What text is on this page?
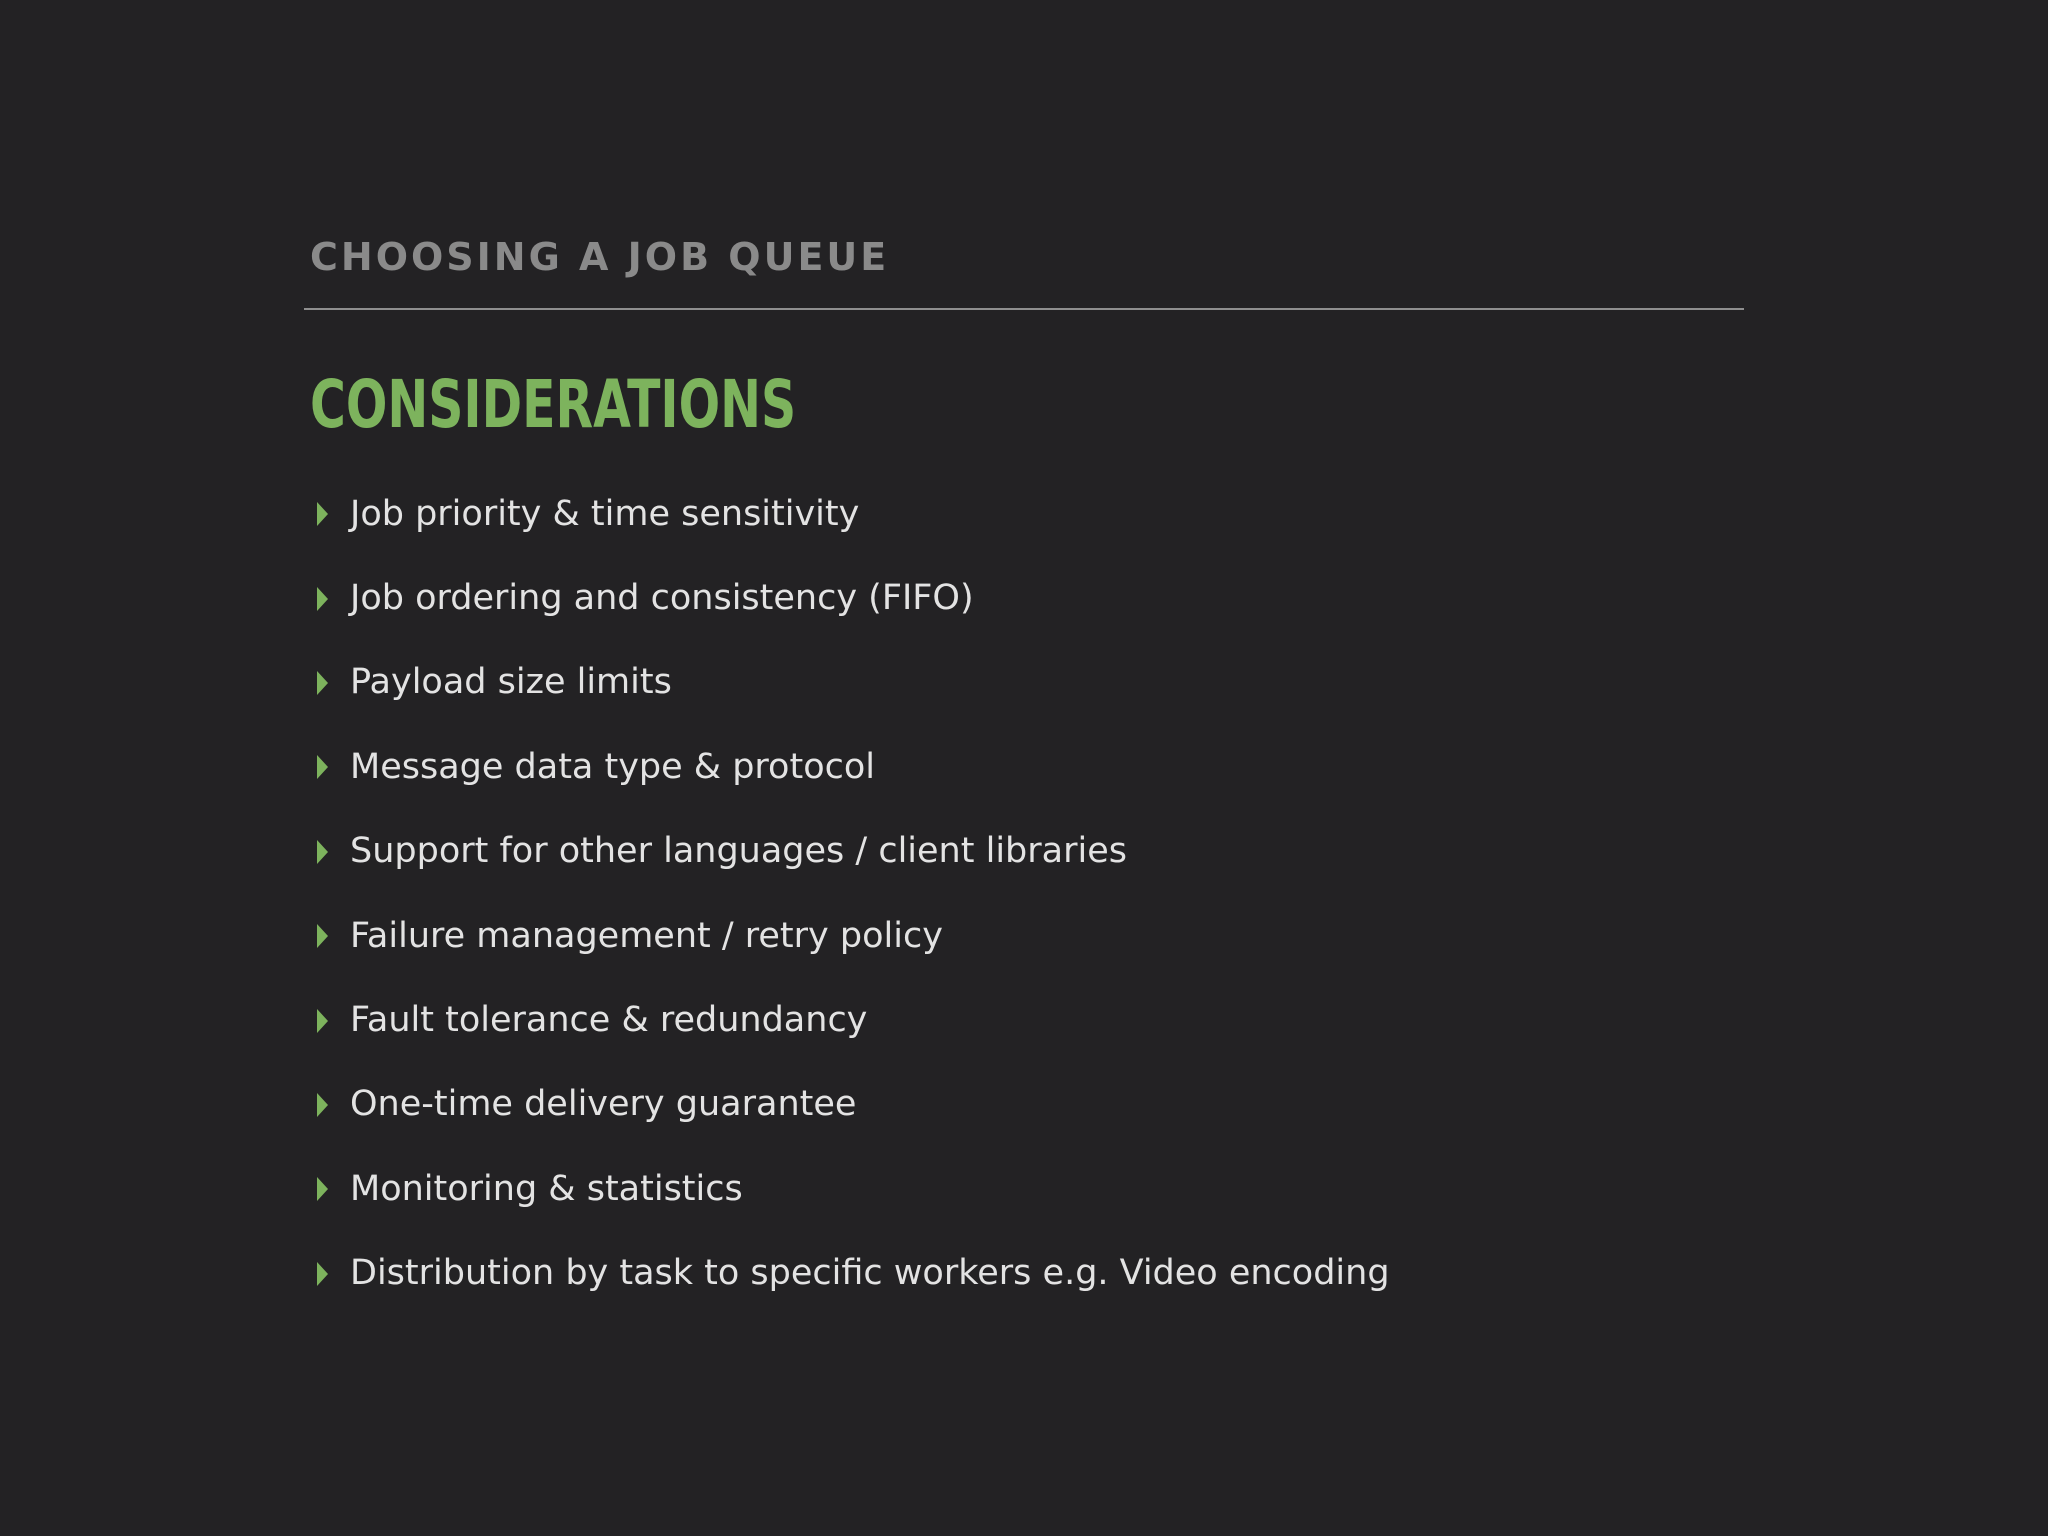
CHOOSING A JOB QUEUE
CONSIDERATIONS
Job priority & time sensitivity
Job ordering and consistency (FIFO)
Payload size limits
Message data type & protocol
Support for other languages / client libraries
Failure management / retry policy
Fault tolerance & redundancy
One-time delivery guarantee
Monitoring & statistics
Distribution by task to specific workers e.g. Video encoding
